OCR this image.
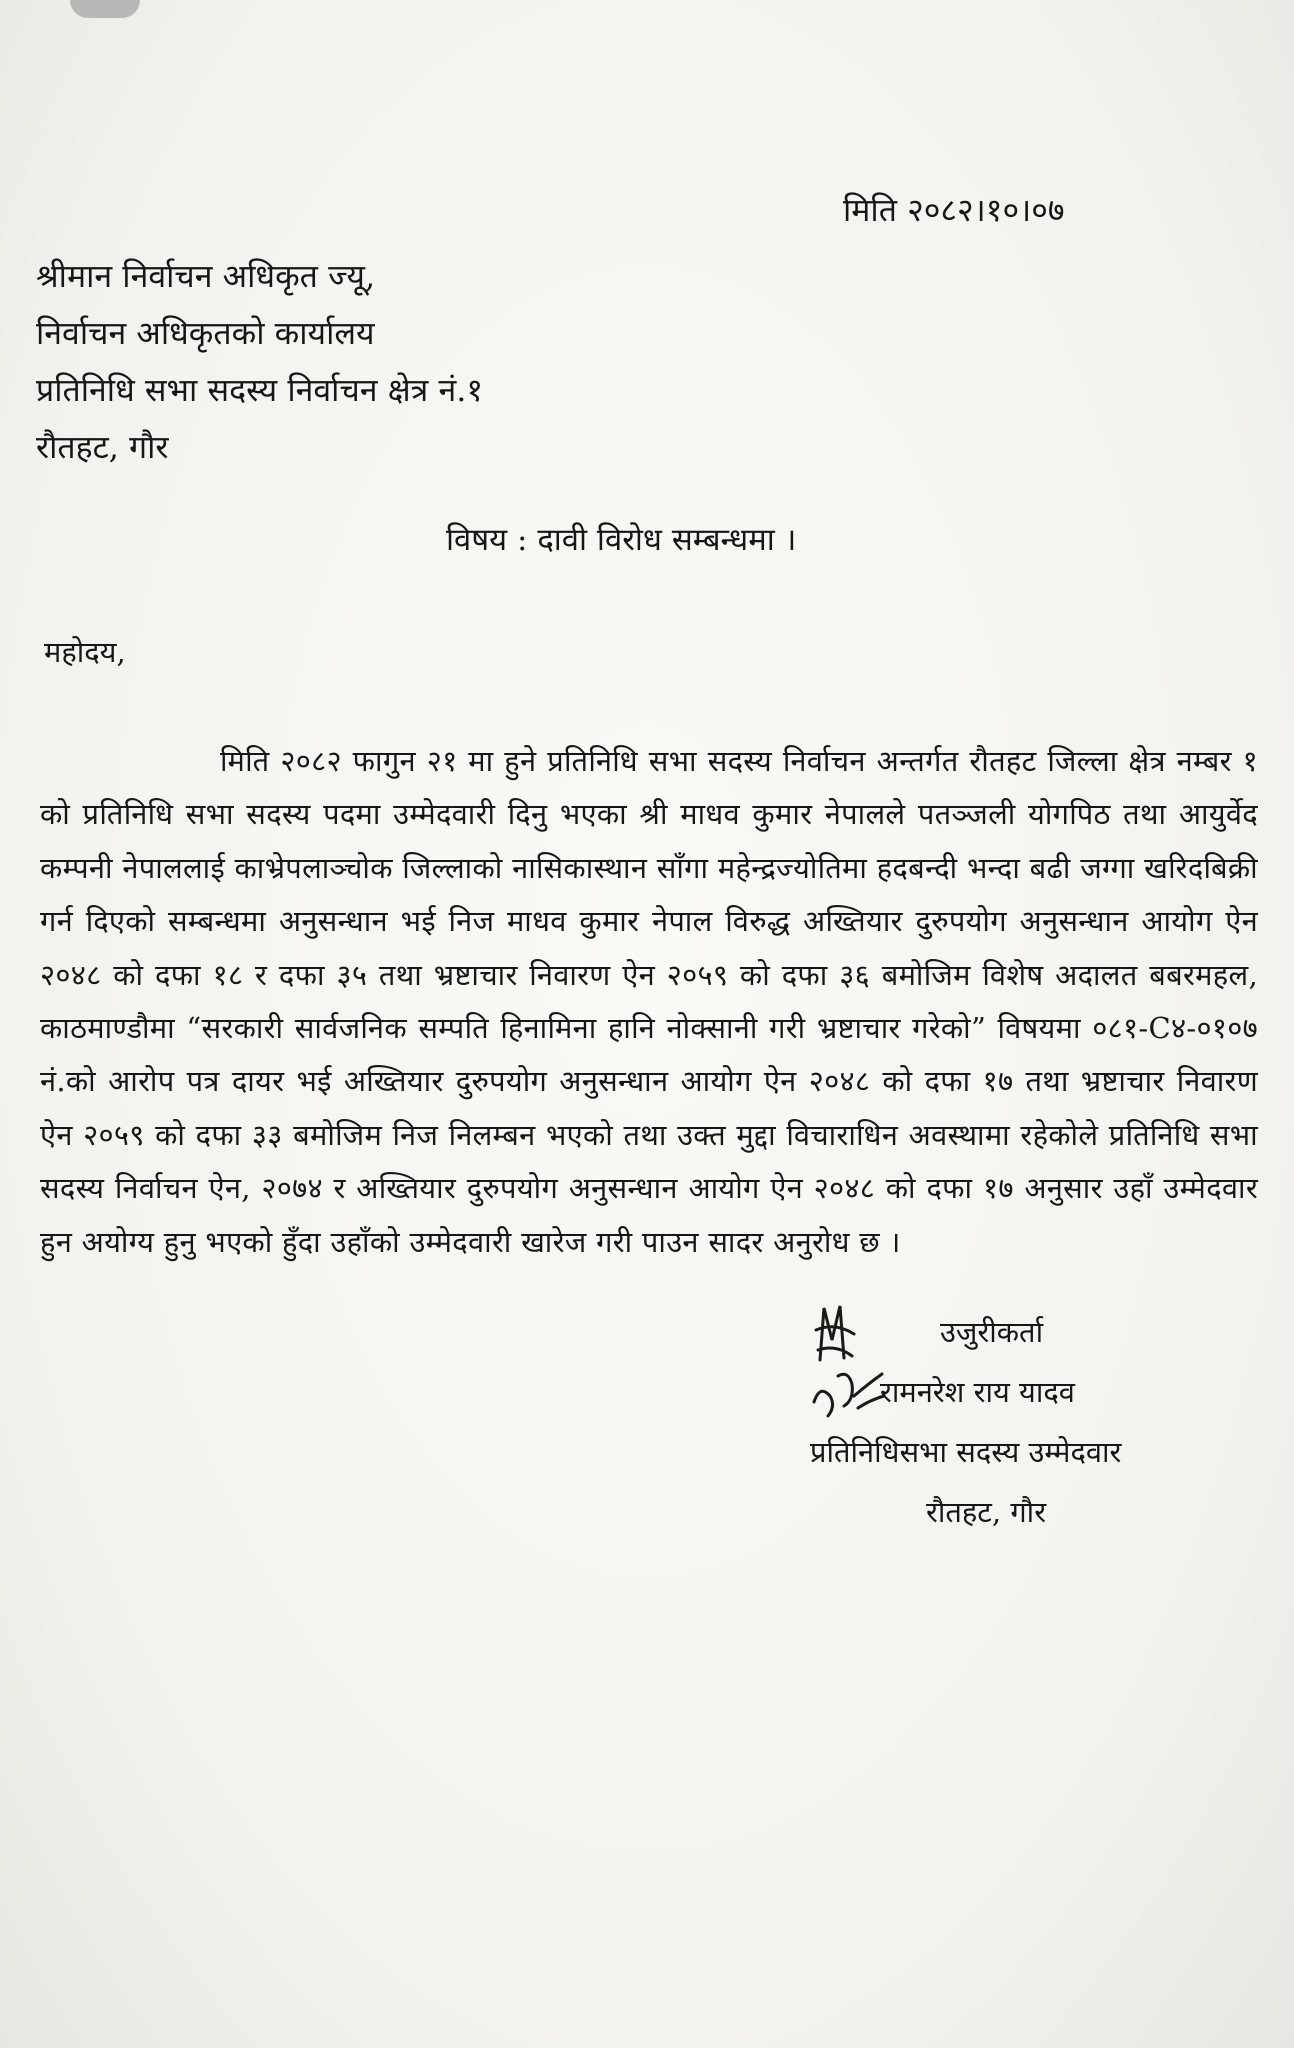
मिति २०८२।१०।०७
श्रीमान निर्वाचन अधिकृत ज्यू,
निर्वाचन अधिकृतको कार्यालय
प्रतिनिधि सभा सदस्य निर्वाचन क्षेत्र नं.१
रौतहट, गौर
विषय : दावी विरोध सम्बन्धमा ।
महोदय,
मिति २०८२ फागुन २१ मा हुने प्रतिनिधि सभा सदस्य निर्वाचन अन्तर्गत रौतहट जिल्ला क्षेत्र नम्बर १ को प्रतिनिधि सभा सदस्य पदमा उम्मेदवारी दिनु भएका श्री माधव कुमार नेपालले पतञ्जली योगपिठ तथा आयुर्वेद कम्पनी नेपाललाई काभ्रेपलाञ्चोक जिल्लाको नासिकास्थान साँगा महेन्द्रज्योतिमा हदबन्दी भन्दा बढी जग्गा खरिदबिक्री गर्न दिएको सम्बन्धमा अनुसन्धान भई निज माधव कुमार नेपाल विरुद्ध अख्तियार दुरुपयोग अनुसन्धान आयोग ऐन २०४८ को दफा १८ र दफा ३५ तथा भ्रष्टाचार निवारण ऐन २०५९ को दफा ३६ बमोजिम विशेष अदालत बबरमहल, काठमाण्डौमा “सरकारी सार्वजनिक सम्पति हिनामिना हानि नोक्सानी गरी भ्रष्टाचार गरेको” विषयमा ०८१-C४-०१०७ नं.को आरोप पत्र दायर भई अख्तियार दुरुपयोग अनुसन्धान आयोग ऐन २०४८ को दफा १७ तथा भ्रष्टाचार निवारण ऐन २०५९ को दफा ३३ बमोजिम निज निलम्बन भएको तथा उक्त मुद्दा विचाराधिन अवस्थामा रहेकोले प्रतिनिधि सभा सदस्य निर्वाचन ऐन, २०७४ र अख्तियार दुरुपयोग अनुसन्धान आयोग ऐन २०४८ को दफा १७ अनुसार उहाँ उम्मेदवार हुन अयोग्य हुनु भएको हुँदा उहाँको उम्मेदवारी खारेज गरी पाउन सादर अनुरोध छ ।
उजुरीकर्ता
रामनरेश राय यादव
प्रतिनिधिसभा सदस्य उम्मेदवार
रौतहट, गौर
